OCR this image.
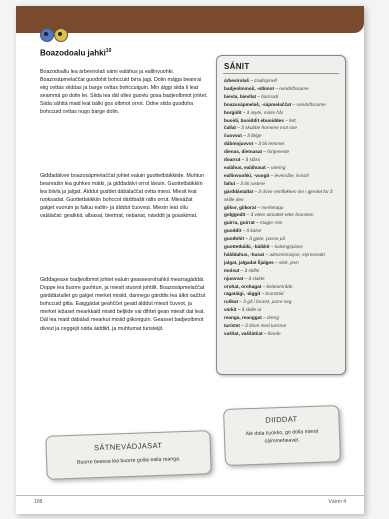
Boazodoalu jahki$^{10}$
Boazodoallu lea árbevirolaš sámi ealáhus ja eallinvuohki. Boazosápmelaččat guođohit bohccuid birra jagi. Dolin májga beanrai eiig ovttas siiddas ja barge ovttas bohccuiguin. Min áiggi siida li leat seammá go dolin lei. Siida lea dál olles guovlu gosa badjeolbmot johtet. Siida sáhttá maid leat bálki gos olbmot orrot. Odne siida guođoha bohccuid ovttas nugo barge dolin.
Giđđadálvve boazosápmelaččat johtet ealuin guottetbáikkiide. Muhtun beanrašin lea guhkes mátki, ja giđđadálvi orrot lávuin. Guottetbáikkiin lea biivla ja jalgat. Álddut guddet dábálaččat ovtta miesi. Miesit leat ruoksadat. Guottetbáikkiin bohccot dárbbašit ráfis orrut. Miesážat galget vuoruin ja falluu eallin- ja álddut čuovvut. Miesin leat ollu valálačat: geatkkit, albasat, biertnat, riebanat, návddit ja goaskimat.
Giđđageaxe badjeolbmot johtet ealuin geasseorohahkii mearragáddái. Doppe lea buorre guohtun, ja miesit stuorot johtilit. Boazosápmelaččat gárddástallet go galget merket misiid, dannego gárddis lea álkit oažžut bohccuid gitta. Eaiggádat geahččet geaid álddut miesit čuvvot, ja merket iežaset mearkkaid misiid beljiide vai dihtet gean miesit dat leat. Dál lea maid dábálaš mearkut misiid giikoriguin. Geasset badjeolbmot divvut ja ceggejit odda áiddiid, ja muhtumat turisteijit.
SÁNIT
árbevirolaš – tradisjonell
badjeolmmoš, -olbmot – reindriftssame
bievla, bievllat – barmark
boazosápmelaš, -sápmelaččat – reindriftssame
borgidit – å røyte, miste hår
buoidi, buoiddit ebuoiddes – fett
čallat – å skubbe hornene mot noe
čuovvut – å følge
dábmojuvvot – å bli temmet
dienas, dietnasat – fortjeneste
doarrut – å slåss
ealáhus, ealáhusat – næring
eallinvuohki, -vuogit – levemåte, livsstil
fallut – å bli rostere
gárddástallat – å drive reinflokken inn i gjerdet for å skille den
giikor, giikorat – merketapp
golggodit – å være utmattet etter brunsten
guirra, guirrat – mager rein
guoddit – å kalve
guođohit – å gjete, passe på
guottetbáiki, -báikkit – kalvingsplass
hálddahus, -husat – administrasjon, styresmakt
jalgat, jalgadat ǩjalges – slett, jevn
molsut – å skifte
njuovvat – å slakte
orohat, orohagat – beiteområde
ragatáigi, -áiggit – brunsttid
ruškat – å gå i brunst, parre seg
várkit – å skille ut
reanga, reanggat – dreng
turistet – å drive med turisme
vaššat, vaššátčat – fiende
DIIDDAT

Ale dola čuokko, go dolla miesit čálmmeheavet.

SÁTNEVÁDJASAT

Buorre beassa lea buorre gollai ealla reanga.

108	Várrin 4
